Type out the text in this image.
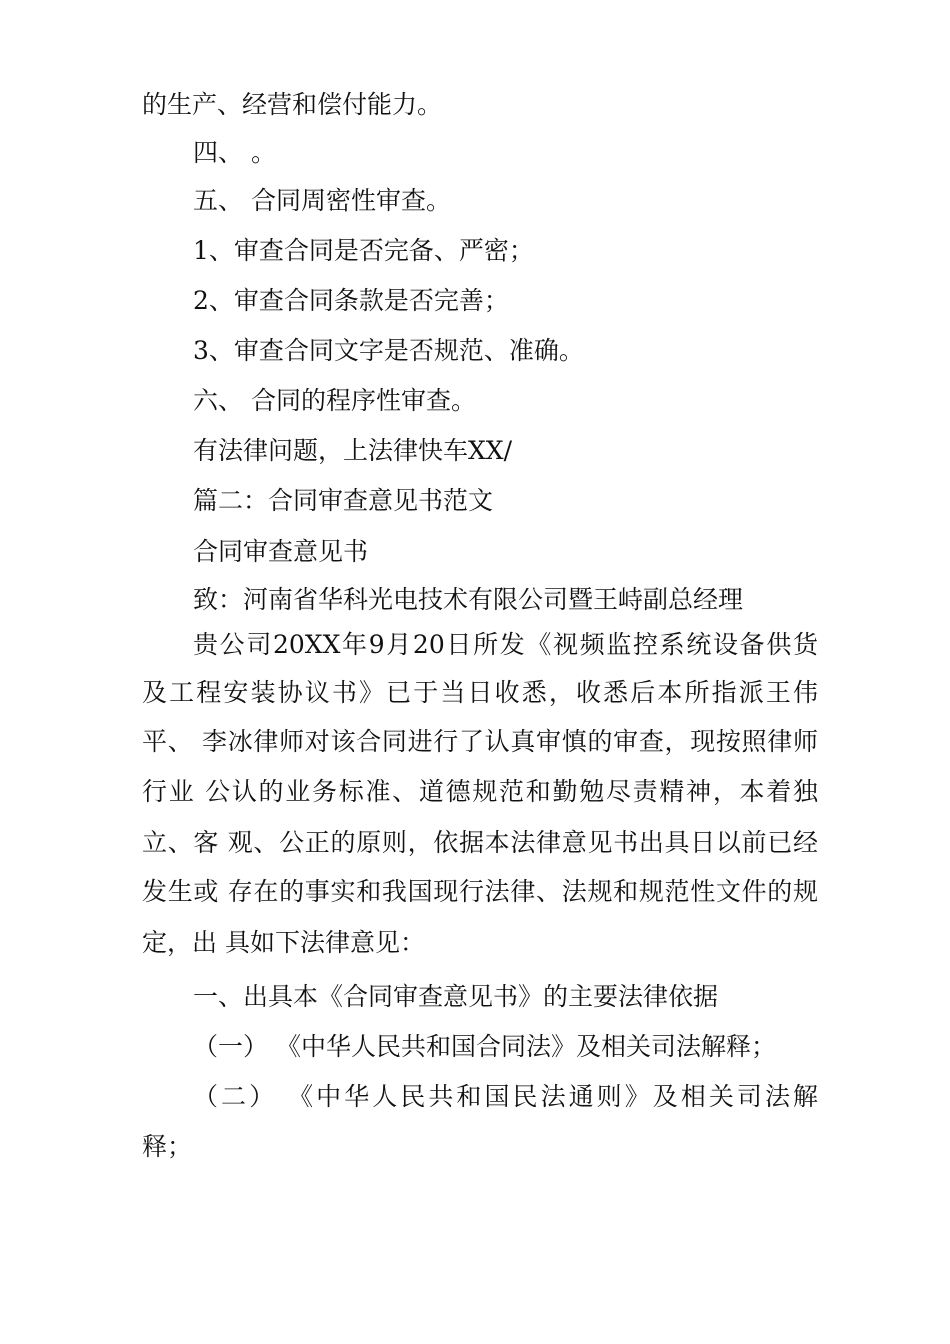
的生产、经营和偿付能力。
四、 。
五、 合同周密性审查。
1、审查合同是否完备、严密；
2、审查合同条款是否完善；
3、审查合同文字是否规范、准确。
六、 合同的程序性审查。
有法律问题，上法律快车XX/
篇二：合同审查意见书范文
合同审查意见书
致：河南省华科光电技术有限公司暨王峙副总经理
贵公司20XX年9月20日所发《视频监控系统设备供货
及工程安装协议书》已于当日收悉，收悉后本所指派王伟
平、 李冰律师对该合同进行了认真审慎的审查，现按照律师
行业 公认的业务标准、道德规范和勤勉尽责精神，本着独
立、客 观、公正的原则，依据本法律意见书出具日以前已经
发生或 存在的事实和我国现行法律、法规和规范性文件的规
定，出 具如下法律意见：
一、出具本《合同审查意见书》的主要法律依据
（一） 《中华人民共和国合同法》及相关司法解释；
（二） 《中华人民共和国民法通则》及相关司法解
释；
